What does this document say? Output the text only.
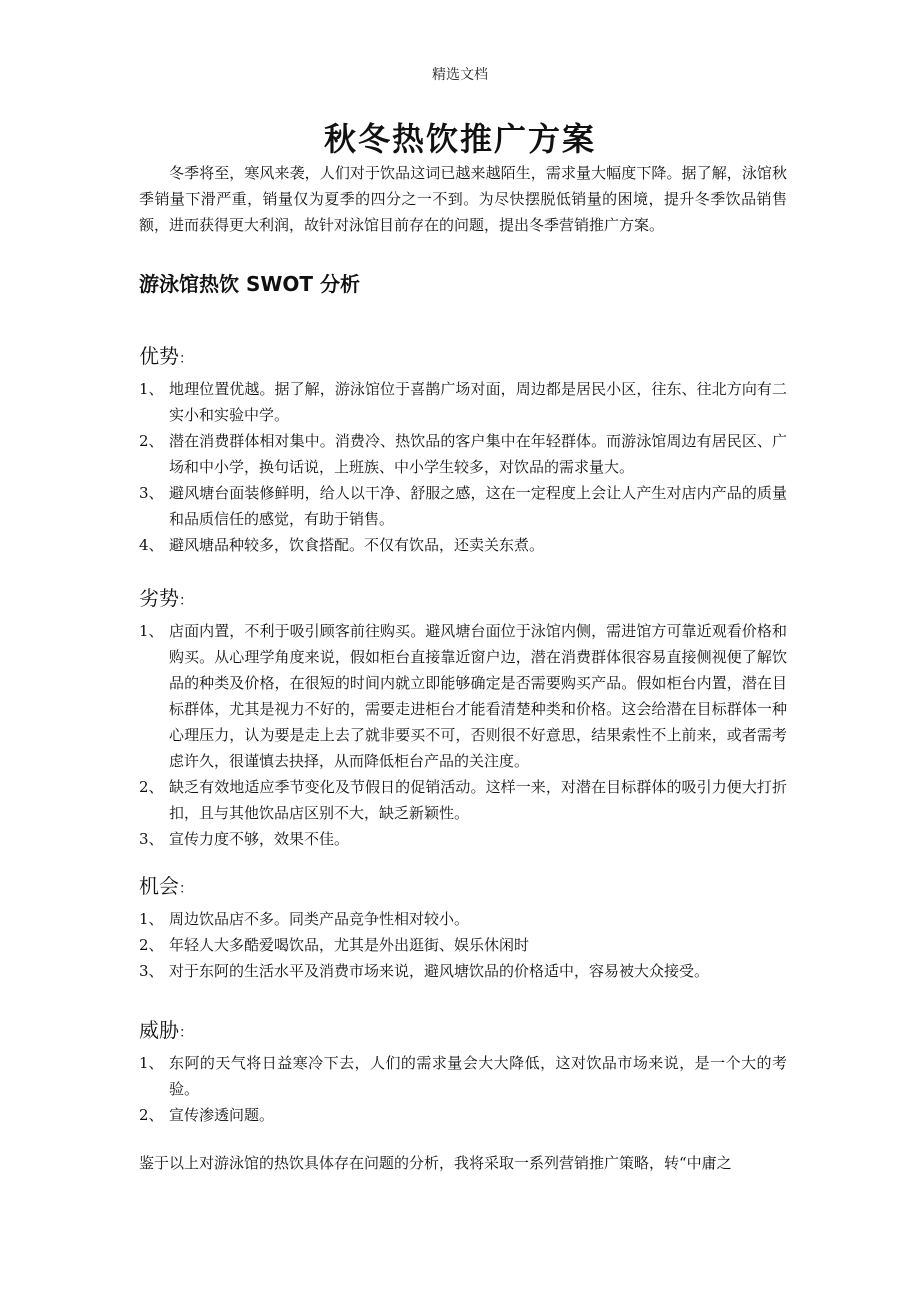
精选文档
秋冬热饮推广方案
冬季将至，寒风来袭，人们对于饮品这词已越来越陌生，需求量大幅度下降。据了解，泳馆秋季销量下滑严重，销量仅为夏季的四分之一不到。为尽快摆脱低销量的困境，提升冬季饮品销售额，进而获得更大利润，故针对泳馆目前存在的问题，提出冬季营销推广方案。
游泳馆热饮 SWOT 分析
优势：
1、 地理位置优越。据了解，游泳馆位于喜鹊广场对面，周边都是居民小区，往东、往北方向有二实小和实验中学。
2、 潜在消费群体相对集中。消费冷、热饮品的客户集中在年轻群体。而游泳馆周边有居民区、广场和中小学，换句话说，上班族、中小学生较多，对饮品的需求量大。
3、 避风塘台面装修鲜明，给人以干净、舒服之感，这在一定程度上会让人产生对店内产品的质量和品质信任的感觉，有助于销售。
4、 避风塘品种较多，饮食搭配。不仅有饮品，还卖关东煮。
劣势：
1、 店面内置，不利于吸引顾客前往购买。避风塘台面位于泳馆内侧，需进馆方可靠近观看价格和购买。从心理学角度来说，假如柜台直接靠近窗户边，潜在消费群体很容易直接侧视便了解饮品的种类及价格，在很短的时间内就立即能够确定是否需要购买产品。假如柜台内置，潜在目标群体，尤其是视力不好的，需要走进柜台才能看清楚种类和价格。这会给潜在目标群体一种心理压力，认为要是走上去了就非要买不可，否则很不好意思，结果索性不上前来，或者需考虑许久，很谨慎去抉择，从而降低柜台产品的关注度。
2、 缺乏有效地适应季节变化及节假日的促销活动。这样一来，对潜在目标群体的吸引力便大打折扣，且与其他饮品店区别不大，缺乏新颖性。
3、 宣传力度不够，效果不佳。
机会：
1、 周边饮品店不多。同类产品竞争性相对较小。
2、 年轻人大多酷爱喝饮品，尤其是外出逛街、娱乐休闲时
3、 对于东阿的生活水平及消费市场来说，避风塘饮品的价格适中，容易被大众接受。
威胁：
1、 东阿的天气将日益寒冷下去，人们的需求量会大大降低，这对饮品市场来说，是一个大的考验。
2、 宣传渗透问题。
鉴于以上对游泳馆的热饮具体存在问题的分析，我将采取一系列营销推广策略，转“中庸之
